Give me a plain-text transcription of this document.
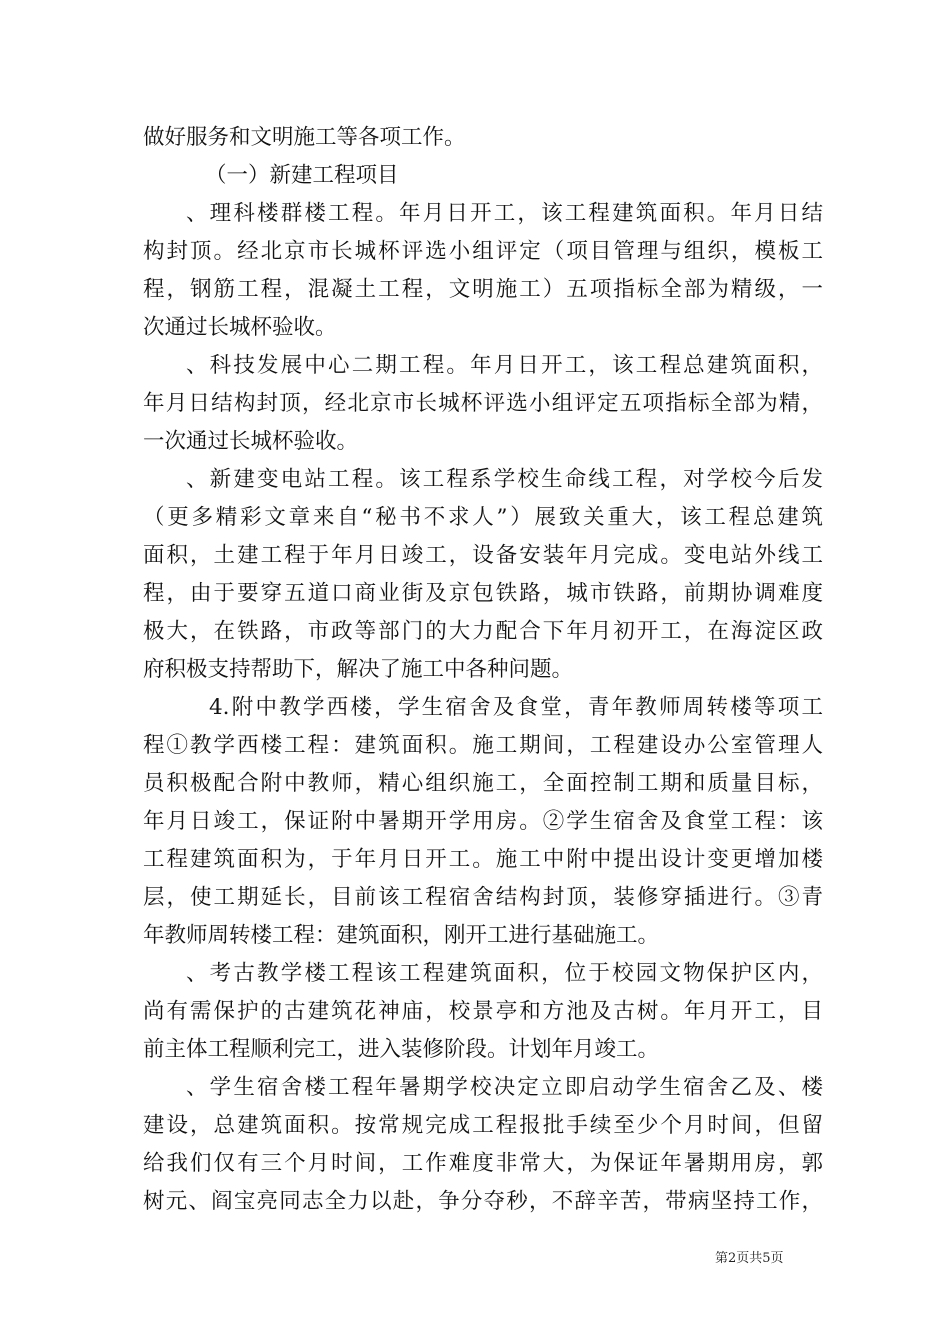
做好服务和文明施工等各项工作。
（一）新建工程项目
、理科楼群楼工程。年月日开工，该工程建筑面积。年月日结
构封顶。经北京市长城杯评选小组评定（项目管理与组织，模板工
程，钢筋工程，混凝土工程，文明施工）五项指标全部为精级，一
次通过长城杯验收。
、科技发展中心二期工程。年月日开工，该工程总建筑面积，
年月日结构封顶，经北京市长城杯评选小组评定五项指标全部为精，
一次通过长城杯验收。
、新建变电站工程。该工程系学校生命线工程，对学校今后发
（更多精彩文章来自“秘书不求人”）展致关重大，该工程总建筑
面积，土建工程于年月日竣工，设备安装年月完成。变电站外线工
程，由于要穿五道口商业街及京包铁路，城市铁路，前期协调难度
极大，在铁路，市政等部门的大力配合下年月初开工，在海淀区政
府积极支持帮助下，解决了施工中各种问题。
4.附中教学西楼，学生宿舍及食堂，青年教师周转楼等项工
程①教学西楼工程：建筑面积。施工期间，工程建设办公室管理人
员积极配合附中教师，精心组织施工，全面控制工期和质量目标，
年月日竣工，保证附中暑期开学用房。②学生宿舍及食堂工程：该
工程建筑面积为，于年月日开工。施工中附中提出设计变更增加楼
层，使工期延长，目前该工程宿舍结构封顶，装修穿插进行。③青
年教师周转楼工程：建筑面积，刚开工进行基础施工。
、考古教学楼工程该工程建筑面积，位于校园文物保护区内，
尚有需保护的古建筑花神庙，校景亭和方池及古树。年月开工，目
前主体工程顺利完工，进入装修阶段。计划年月竣工。
、学生宿舍楼工程年暑期学校决定立即启动学生宿舍乙及、楼
建设，总建筑面积。按常规完成工程报批手续至少个月时间，但留
给我们仅有三个月时间，工作难度非常大，为保证年暑期用房，郭
树元、阎宝亮同志全力以赴，争分夺秒，不辞辛苦，带病坚持工作，
第2页共5页
